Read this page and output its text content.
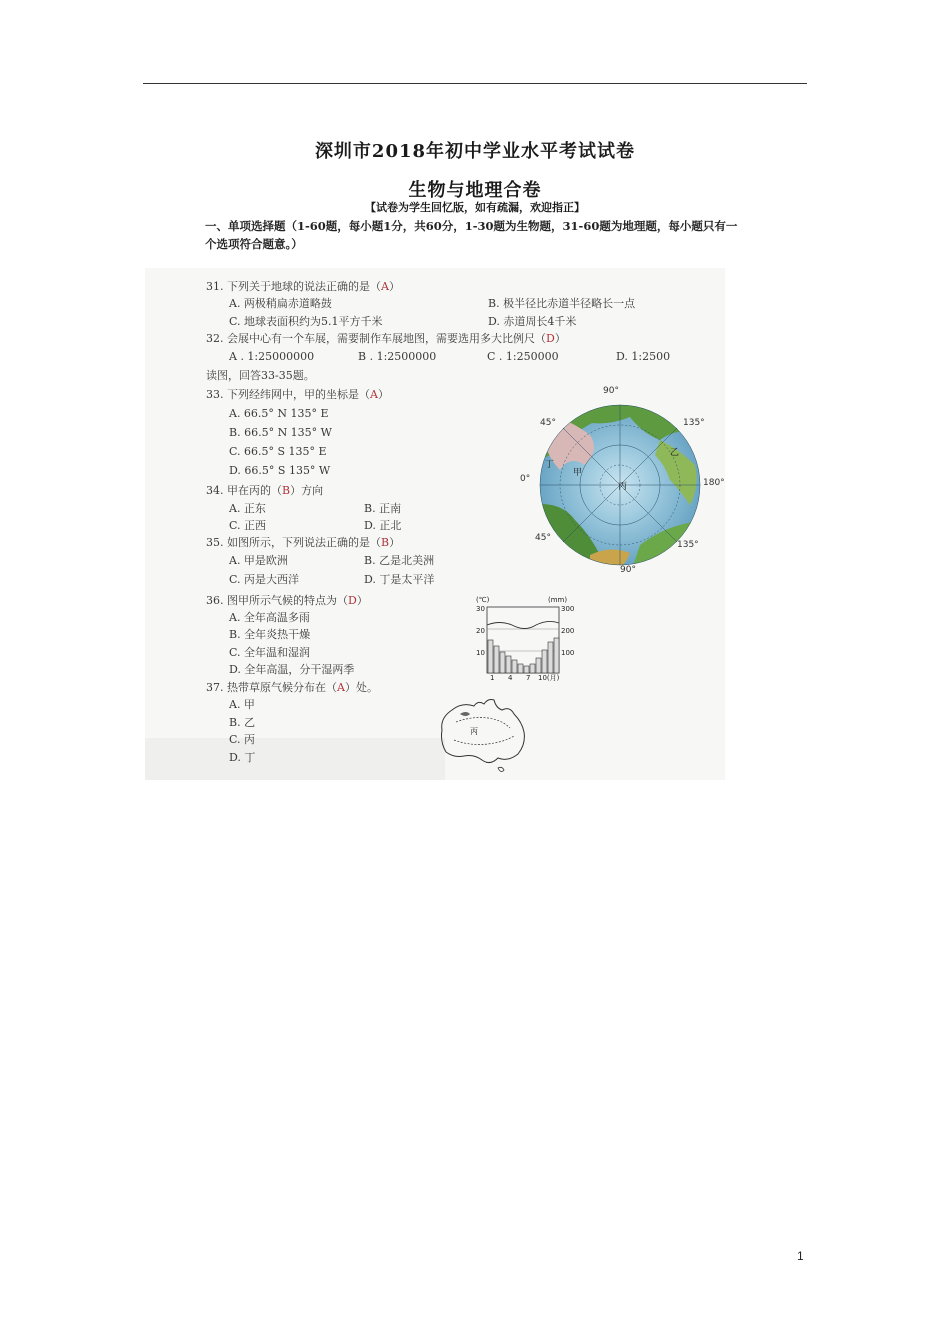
深圳市2018年初中学业水平考试试卷
生物与地理合卷
【试卷为学生回忆版，如有疏漏，欢迎指正】
一、单项选择题（1-60题，每小题1分，共60分，1-30题为生物题，31-60题为地理题，每小题只有一
个选项符合题意。）
31. 下列关于地球的说法正确的是（A）
A. 两极稍扁赤道略鼓	B. 极半径比赤道半径略长一点
C. 地球表面积约为5.1平方千米	D. 赤道周长4千米
32. 会展中心有一个车展，需要制作车展地图，需要选用多大比例尺（D）
A . 1:25000000	B . 1:2500000	C . 1:250000	D. 1:2500
读图，回答33-35题。
33. 下列经纬网中，甲的坐标是（A）
A. 66.5° N 135° E
B. 66.5° N 135° W
C. 66.5° S 135° E
D. 66.5° S 135° W
34. 甲在丙的（B）方向
A. 正东	B. 正南
C. 正西	D. 正北
35. 如图所示，下列说法正确的是（B）
A. 甲是欧洲	B. 乙是北美洲
C. 丙是大西洋	D. 丁是太平洋
36. 图甲所示气候的特点为（D）
A. 全年高温多雨
B. 全年炎热干燥
C. 全年温和湿润
D. 全年高温，分干湿两季
37. 热带草原气候分布在（A）处。
A. 甲
B. 乙
C. 丙
D. 丁
甲
丁
丙
乙
90°
45°	135°
0°	180°
45°
135°
90°
(℃)	(mm)
30
20
10
300
200
100
1 4 7 10(月)
丙
1
